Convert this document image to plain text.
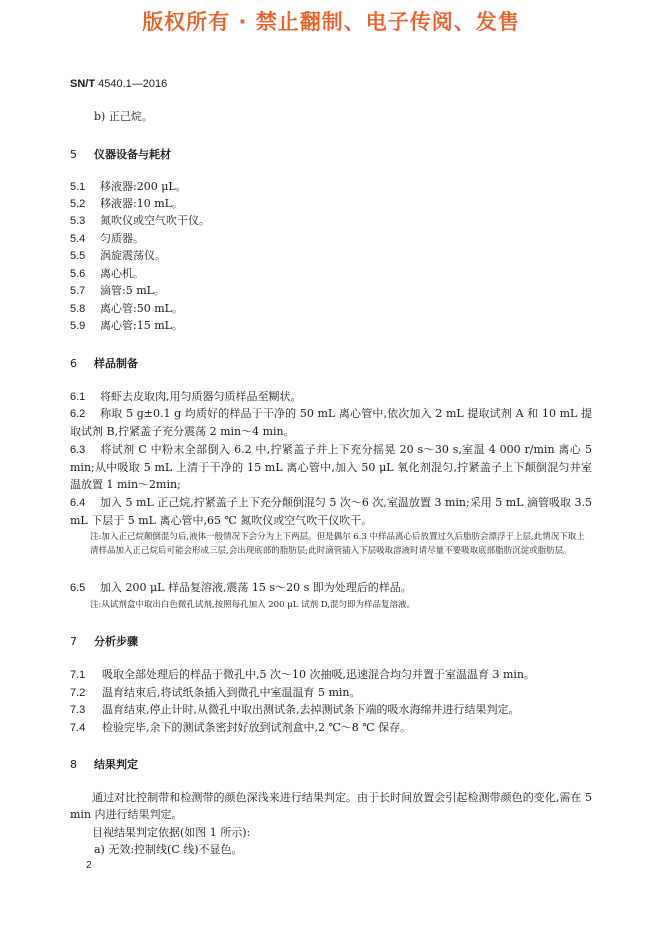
版权所有 · 禁止翻制、电子传阅、发售
SN/T 4540.1—2016
b) 正己烷。
5 仪器设备与耗材
5.1 移液器:200 μL。
5.2 移液器:10 mL。
5.3 氮吹仪或空气吹干仪。
5.4 匀质器。
5.5 涡旋震荡仪。
5.6 离心机。
5.7 滴管:5 mL。
5.8 离心管:50 mL。
5.9 离心管:15 mL。
6 样品制备
6.1 将虾去皮取肉,用匀质器匀质样品至糊状。
6.2 称取 5 g±0.1 g 均质好的样品于干净的 50 mL 离心管中,依次加入 2 mL 提取试剂 A 和 10 mL 提取试剂 B,拧紧盖子充分震荡 2 min～4 min。
6.3 将试剂 C 中粉末全部倒入 6.2 中,拧紧盖子并上下充分摇晃 20 s～30 s,室温 4 000 r/min 离心 5 min;从中吸取 5 mL 上清于干净的 15 mL 离心管中,加入 50 μL 氧化剂混匀,拧紧盖子上下颠倒混匀并室温放置 1 min～2min;
6.4 加入 5 mL 正己烷,拧紧盖子上下充分颠倒混匀 5 次～6 次,室温放置 3 min;采用 5 mL 滴管吸取 3.5 mL 下层于 5 mL 离心管中,65 ℃ 氮吹仪或空气吹干仪吹干。
注:加入正己烷颠倒混匀后,液体一般情况下会分为上下两层。但是偶尔 6.3 中样品离心后放置过久后脂肪会漂浮于上层,此情况下取上清样品加入正己烷后可能会形成三层,会出现底部的脂肪层;此时滴管插入下层吸取溶液时请尽量不要吸取底部脂肪沉淀或脂肪层。
6.5 加入 200 μL 样品复溶液,震荡 15 s～20 s 即为处理后的样品。
注:从试剂盒中取出白色微孔试剂,按照每孔加入 200 μL 试剂 D,混匀即为样品复溶液。
7 分析步骤
7.1 吸取全部处理后的样品于微孔中,5 次～10 次抽吸,迅速混合均匀并置于室温温育 3 min。
7.2 温育结束后,将试纸条插入到微孔中室温温育 5 min。
7.3 温育结束,停止计时,从微孔中取出测试条,去掉测试条下端的吸水海绵并进行结果判定。
7.4 检验完毕,余下的测试条密封好放到试剂盒中,2 ℃～8 ℃ 保存。
8 结果判定
通过对比控制带和检测带的颜色深浅来进行结果判定。由于长时间放置会引起检测带颜色的变化,需在 5 min 内进行结果判定。
目视结果判定依据(如图 1 所示):
a) 无效:控制线(C 线)不显色。
2
